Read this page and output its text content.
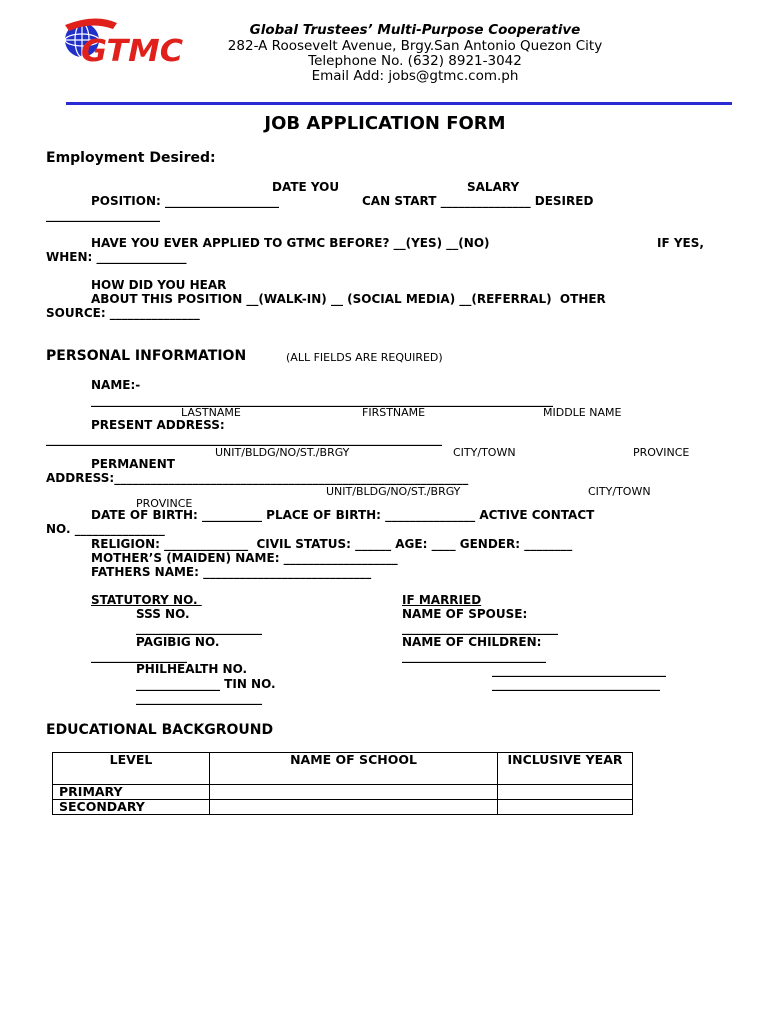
GTMC
Global Trustees’ Multi-Purpose Cooperative
282-A Roosevelt Avenue, Brgy.San Antonio Quezon City
Telephone No. (632) 8921-3042
Email Add: jobs@gtmc.com.ph
JOB APPLICATION FORM
Employment Desired:
DATE YOU	SALARY
POSITION: ___________________	CAN START _______________ DESIRED
___________________
HAVE YOU EVER APPLIED TO GTMC BEFORE? __(YES) __(NO)	IF YES,
WHEN: _______________
HOW DID YOU HEAR
ABOUT THIS POSITION __(WALK-IN) __ (SOCIAL MEDIA) __(REFERRAL)  OTHER
SOURCE: _______________
PERSONAL INFORMATION	(ALL FIELDS ARE REQUIRED)
NAME:-
_____________________________________________________________________________
LASTNAME	FIRSTNAME	MIDDLE NAME
PRESENT ADDRESS:
__________________________________________________________________
UNIT/BLDG/NO/ST./BRGY	CITY/TOWN	PROVINCE
PERMANENT
ADDRESS:___________________________________________________________
UNIT/BLDG/NO/ST./BRGY	CITY/TOWN
PROVINCE
DATE OF BIRTH: __________ PLACE OF BIRTH: _______________ ACTIVE CONTACT
NO. _______________
RELIGION: ______________  CIVIL STATUS: ______ AGE: ____ GENDER: ________
MOTHER’S (MAIDEN) NAME: ___________________
FATHERS NAME: ____________________________
STATUTORY NO.
SSS NO.
_____________________
PAGIBIG NO.
________________
PHILHEALTH NO.
______________ TIN NO.
_____________________
IF MARRIED
NAME OF SPOUSE:
__________________________
NAME OF CHILDREN:
________________________
_____________________________
____________________________
EDUCATIONAL BACKGROUND
LEVEL	NAME OF SCHOOL	INCLUSIVE YEAR
PRIMARY		
SECONDARY		
